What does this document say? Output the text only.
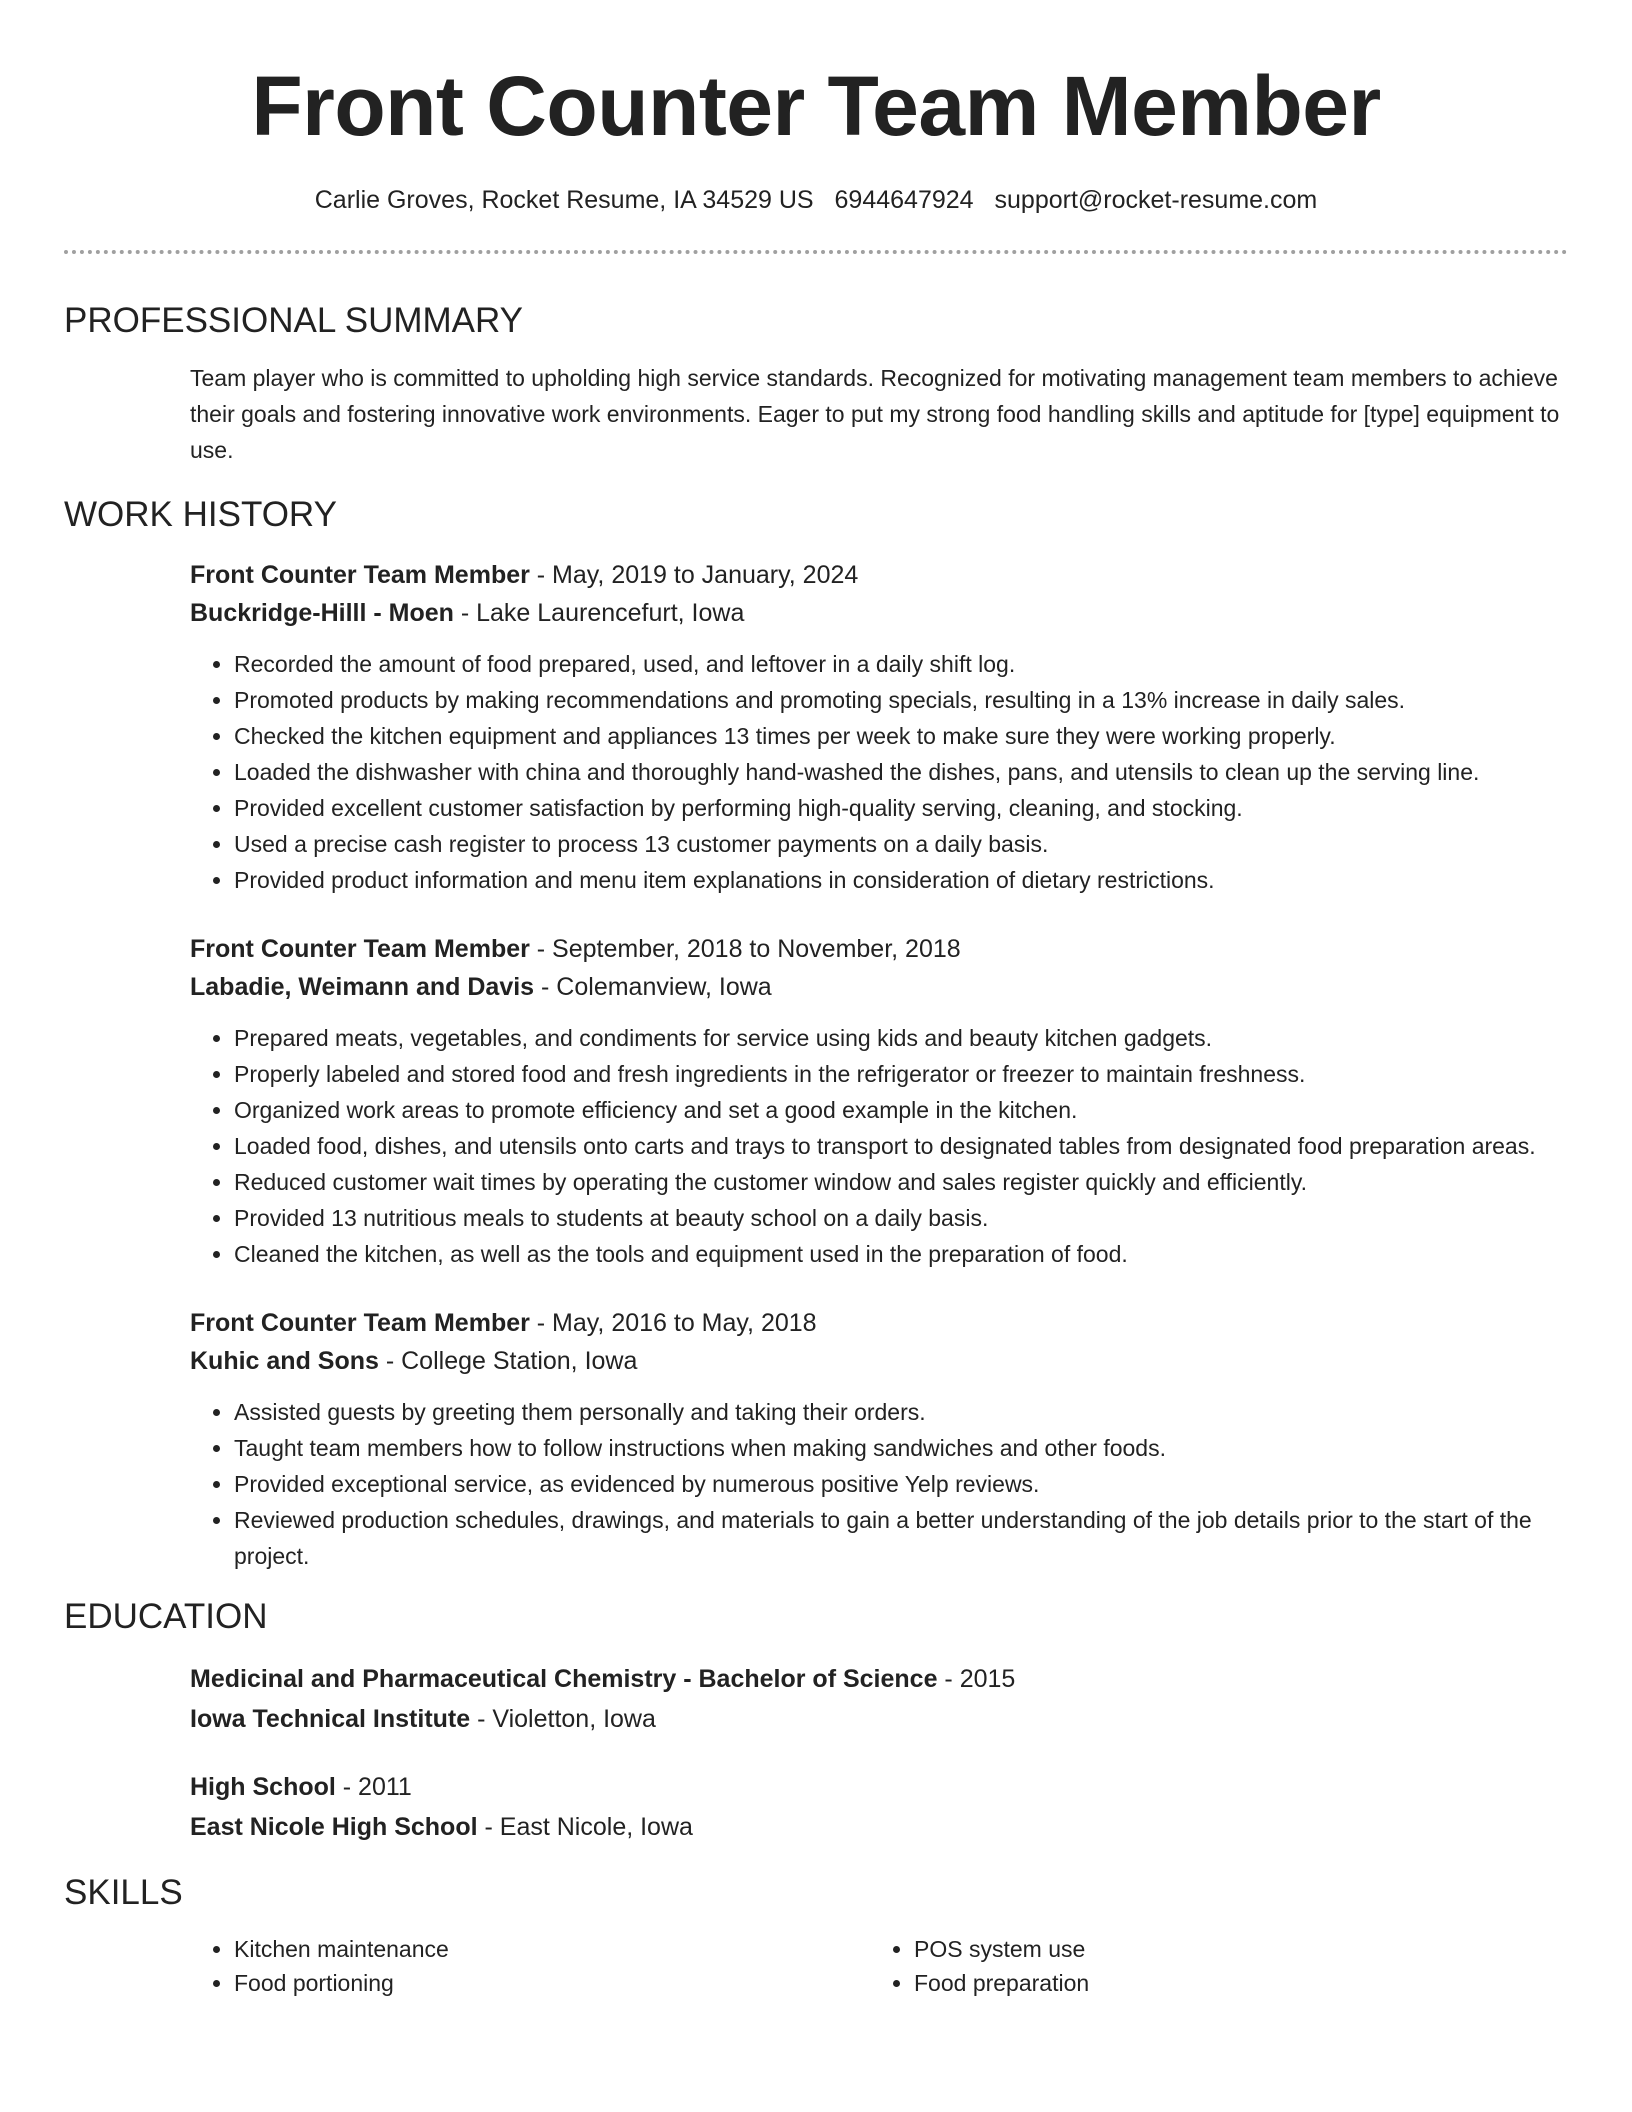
Front Counter Team Member
Carlie Groves, Rocket Resume, IA 34529 US 6944647924 support@rocket-resume.com
PROFESSIONAL SUMMARY
Team player who is committed to upholding high service standards. Recognized for motivating management team members to achieve their goals and fostering innovative work environments. Eager to put my strong food handling skills and aptitude for [type] equipment to use.
WORK HISTORY
Front Counter Team Member - May, 2019 to January, 2024
Buckridge-Hilll - Moen - Lake Laurencefurt, Iowa
• Recorded the amount of food prepared, used, and leftover in a daily shift log.
• Promoted products by making recommendations and promoting specials, resulting in a 13% increase in daily sales.
• Checked the kitchen equipment and appliances 13 times per week to make sure they were working properly.
• Loaded the dishwasher with china and thoroughly hand-washed the dishes, pans, and utensils to clean up the serving line.
• Provided excellent customer satisfaction by performing high-quality serving, cleaning, and stocking.
• Used a precise cash register to process 13 customer payments on a daily basis.
• Provided product information and menu item explanations in consideration of dietary restrictions.
Front Counter Team Member - September, 2018 to November, 2018
Labadie, Weimann and Davis - Colemanview, Iowa
• Prepared meats, vegetables, and condiments for service using kids and beauty kitchen gadgets.
• Properly labeled and stored food and fresh ingredients in the refrigerator or freezer to maintain freshness.
• Organized work areas to promote efficiency and set a good example in the kitchen.
• Loaded food, dishes, and utensils onto carts and trays to transport to designated tables from designated food preparation areas.
• Reduced customer wait times by operating the customer window and sales register quickly and efficiently.
• Provided 13 nutritious meals to students at beauty school on a daily basis.
• Cleaned the kitchen, as well as the tools and equipment used in the preparation of food.
Front Counter Team Member - May, 2016 to May, 2018
Kuhic and Sons - College Station, Iowa
• Assisted guests by greeting them personally and taking their orders.
• Taught team members how to follow instructions when making sandwiches and other foods.
• Provided exceptional service, as evidenced by numerous positive Yelp reviews.
• Reviewed production schedules, drawings, and materials to gain a better understanding of the job details prior to the start of the project.
EDUCATION
Medicinal and Pharmaceutical Chemistry - Bachelor of Science - 2015
Iowa Technical Institute - Violetton, Iowa
High School - 2011
East Nicole High School - East Nicole, Iowa
SKILLS
• Kitchen maintenance
• Food portioning
• POS system use
• Food preparation
